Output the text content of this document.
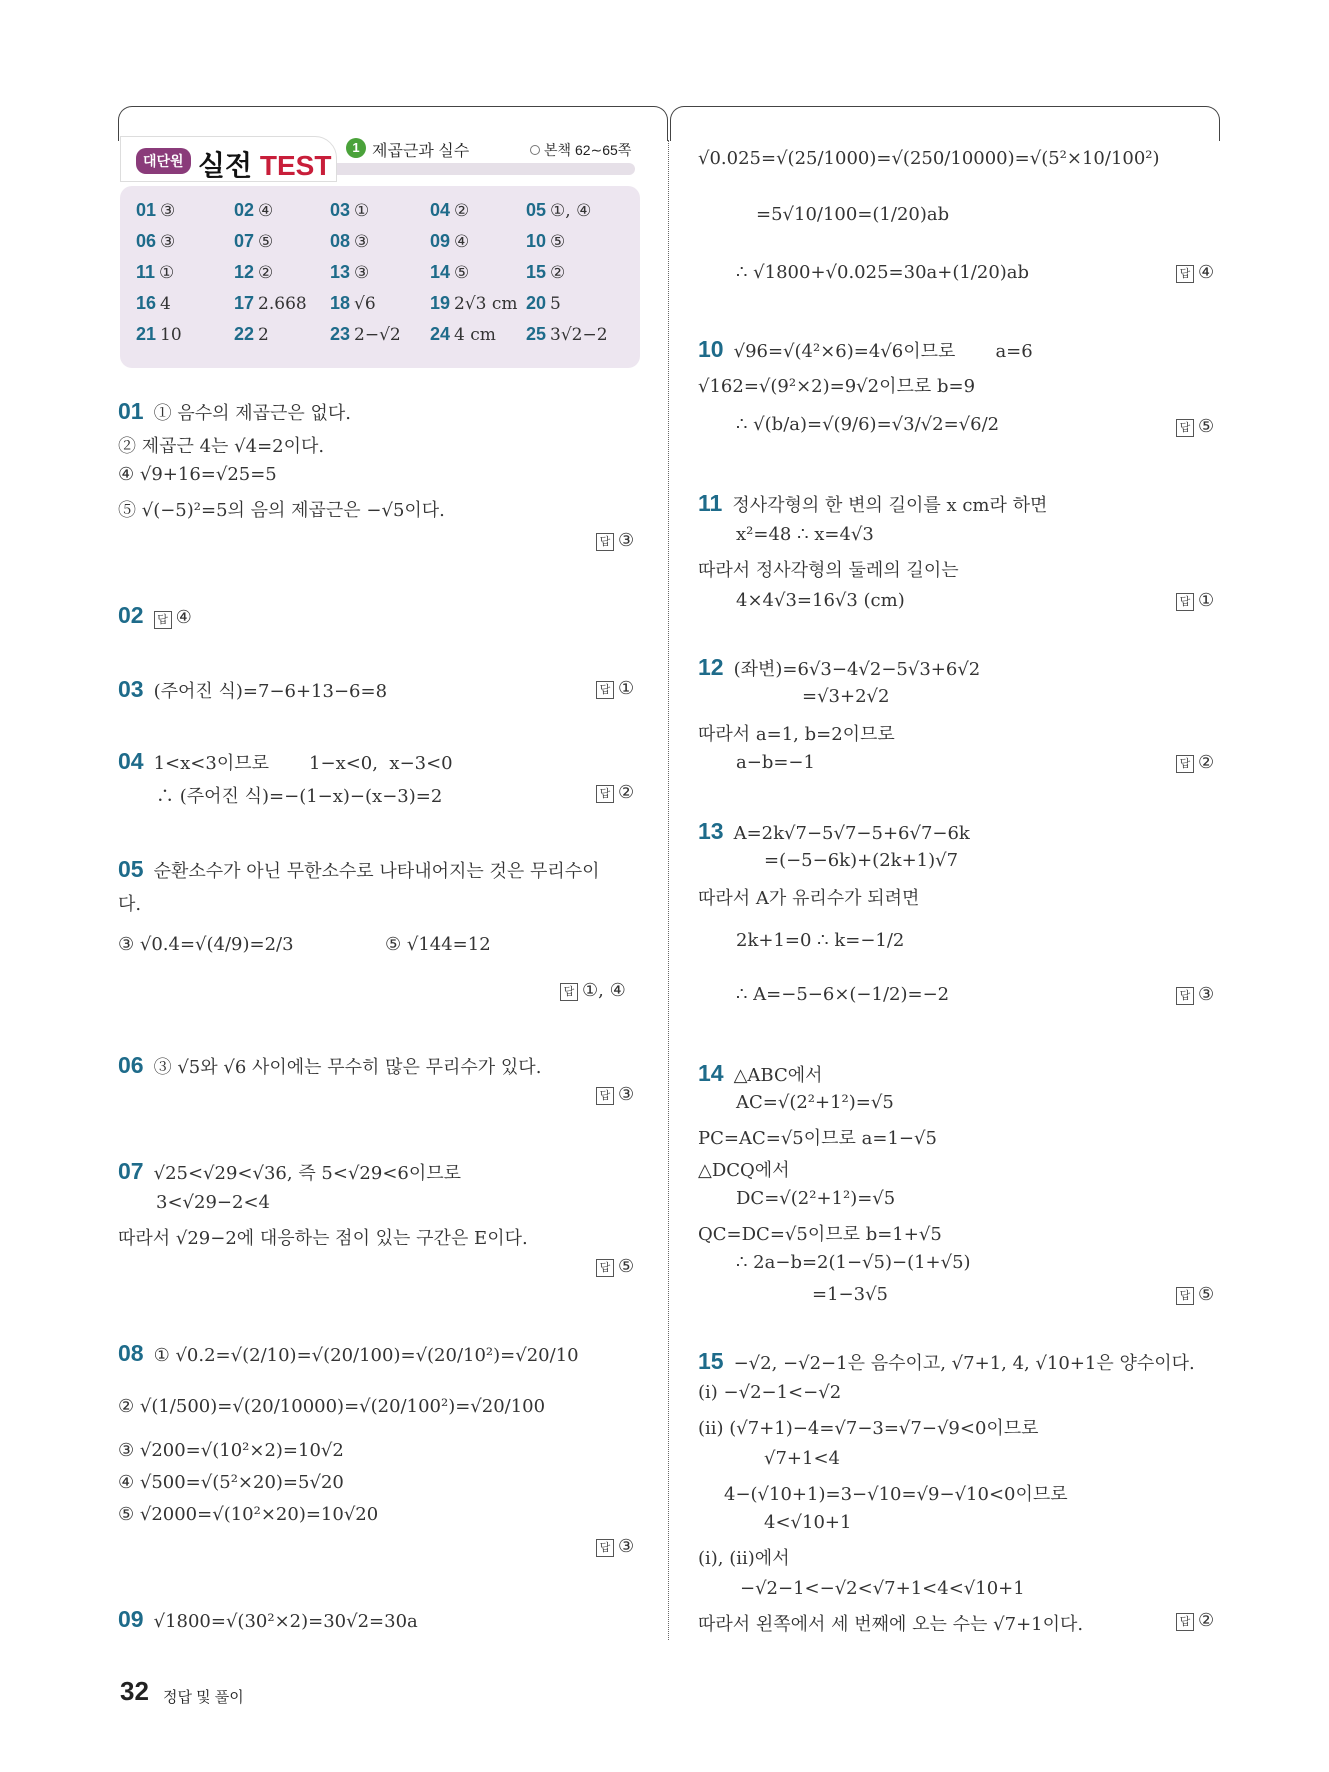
대단원 실전 TEST
1 제곱근과 실수	본책 62∼65쪽
01 ③	02 ④	03 ①	04 ②	05 ①, ④
06 ③	07 ⑤	08 ③	09 ④	10 ⑤
11 ①	12 ②	13 ③	14 ⑤	15 ②
16 4	17 2.668 18 √6	19 2√3 cm 20 5
21 10	22 2	23 2−√2 24 4 cm 25 3√2−2
01 ① 음수의 제곱근은 없다.
② 제곱근 4는 √4=2이다.
④ √9+16=√25=5
⑤ √(−5)²=5의 음의 제곱근은 −√5이다.
답 ③
02 답 ④
03 (주어진 식)=7−6+13−6=8	답 ①
04 1<x<3이므로       1−x<0,  x−3<0
∴ (주어진 식)=−(1−x)−(x−3)=2	답 ②
05 순환소수가 아닌 무한소수로 나타내어지는 것은 무리수이
다.
③ √0.4̇=√(4/9)=2/3	⑤ √144=12
답 ①, ④
06 ③ √5와 √6 사이에는 무수히 많은 무리수가 있다.
답 ③
07 √25<√29<√36, 즉 5<√29<6이므로
3<√29−2<4
따라서 √29−2에 대응하는 점이 있는 구간은 E이다.
답 ⑤
08 ① √0.2=√(2/10)=√(20/100)=√(20/10²)=√20/10
② √(1/500)=√(20/10000)=√(20/100²)=√20/100
③ √200=√(10²×2)=10√2
④ √500=√(5²×20)=5√20
⑤ √2000=√(10²×20)=10√20
답 ③
09 √1800=√(30²×2)=30√2=30a
√0.025=√(25/1000)=√(250/10000)=√(5²×10/100²)
=5√10/100=(1/20)ab
∴ √1800+√0.025=30a+(1/20)ab	답 ④
10 √96=√(4²×6)=4√6이므로       a=6
√162=√(9²×2)=9√2이므로 b=9
∴ √(b/a)=√(9/6)=√3/√2=√6/2	답 ⑤
11 정사각형의 한 변의 길이를 x cm라 하면
x²=48 ∴ x=4√3
따라서 정사각형의 둘레의 길이는
4×4√3=16√3 (cm)	답 ①
12 (좌변)=6√3−4√2−5√3+6√2
=√3+2√2
따라서 a=1, b=2이므로
a−b=−1	답 ②
13 A=2k√7−5√7−5+6√7−6k
=(−5−6k)+(2k+1)√7
따라서 A가 유리수가 되려면
2k+1=0 ∴ k=−1/2
∴ A=−5−6×(−1/2)=−2	답 ③
14 △ABC에서
AC=√(2²+1²)=√5
PC=AC=√5이므로 a=1−√5
△DCQ에서
DC=√(2²+1²)=√5
QC=DC=√5이므로 b=1+√5
∴ 2a−b=2(1−√5)−(1+√5)
=1−3√5	답 ⑤
15 −√2, −√2−1은 음수이고, √7+1, 4, √10+1은 양수이다.
(ⅰ) −√2−1<−√2
(ⅱ) (√7+1)−4=√7−3=√7−√9<0이므로
√7+1<4
4−(√10+1)=3−√10=√9−√10<0이므로
4<√10+1
(ⅰ), (ⅱ)에서
−√2−1<−√2<√7+1<4<√10+1
따라서 왼쪽에서 세 번째에 오는 수는 √7+1이다.	답 ②
32 정답 및 풀이
